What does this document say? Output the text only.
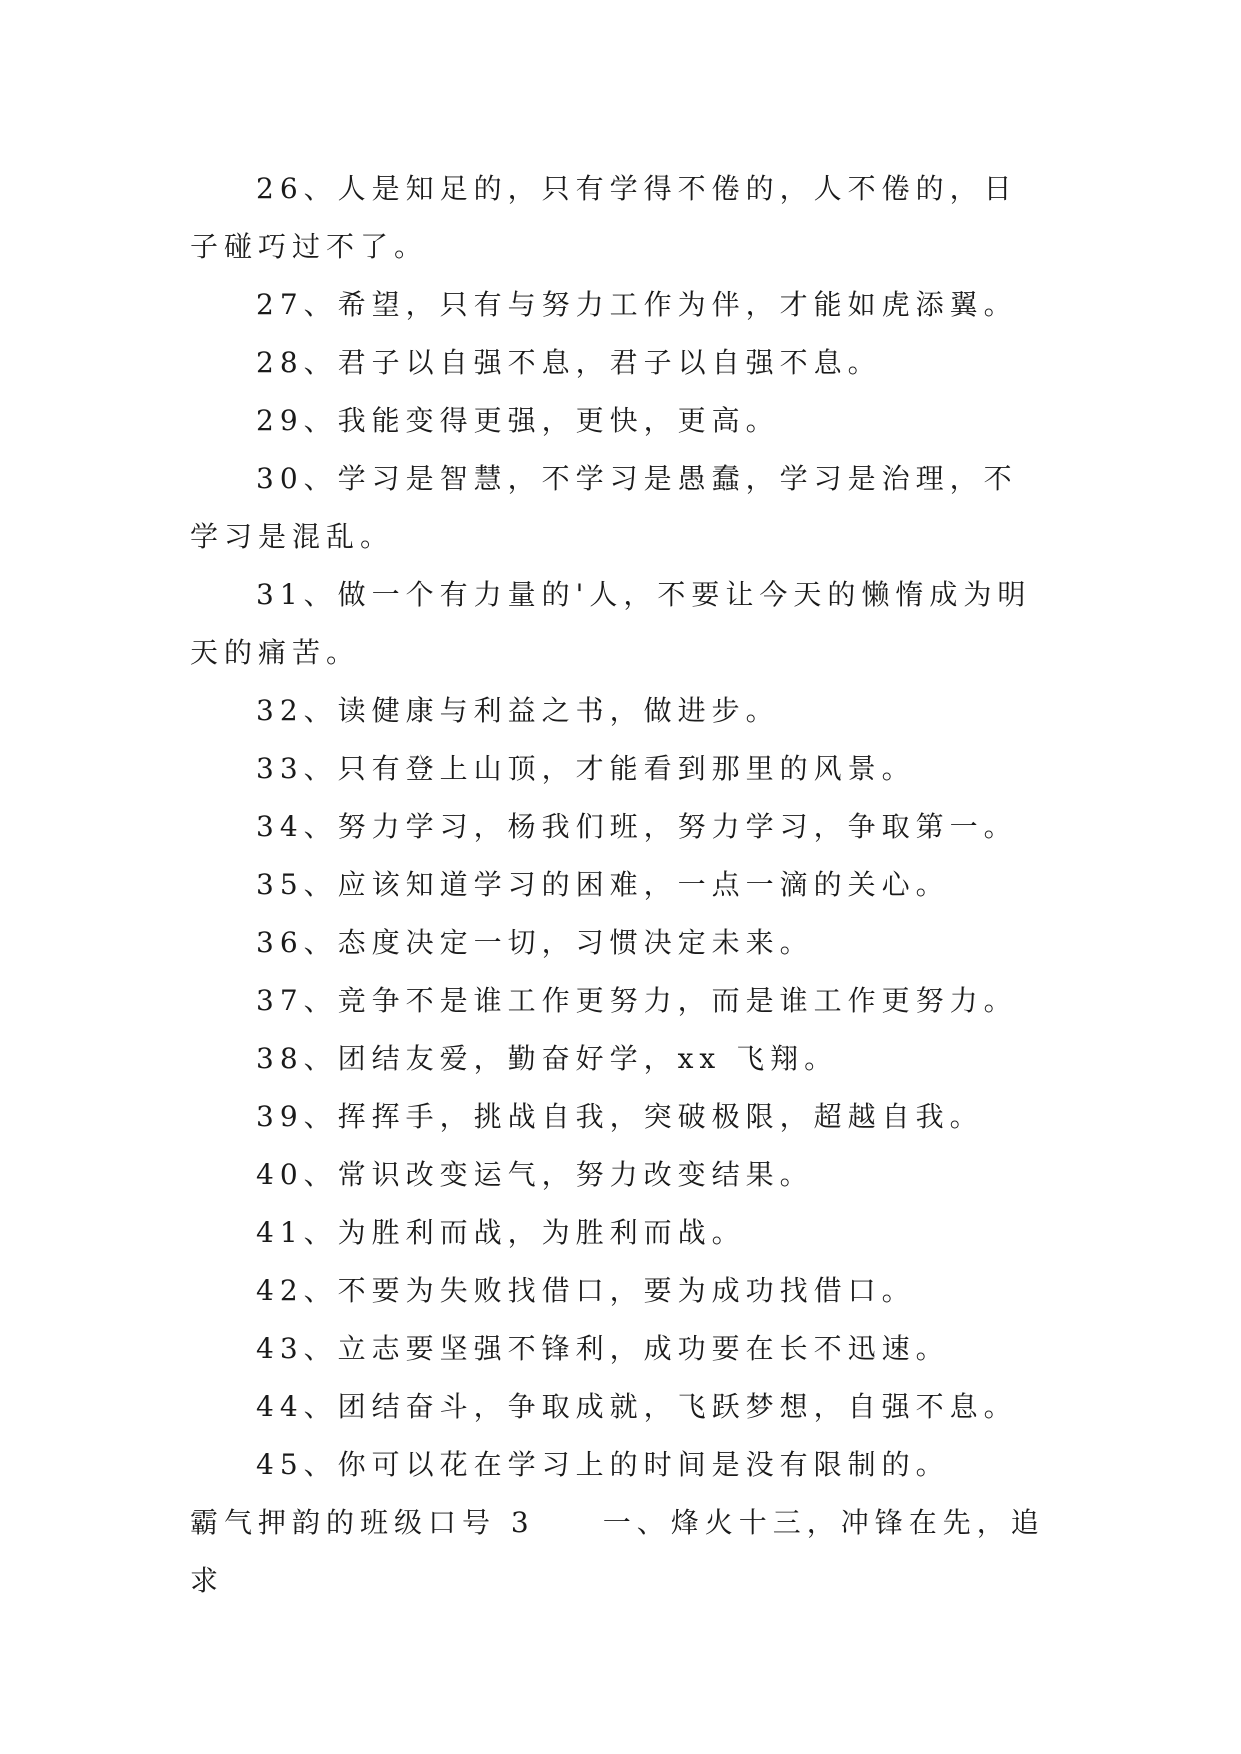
26、人是知足的，只有学得不倦的，人不倦的，日子碰巧过不了。

27、希望，只有与努力工作为伴，才能如虎添翼。

28、君子以自强不息，君子以自强不息。

29、我能变得更强，更快，更高。

30、学习是智慧，不学习是愚蠢，学习是治理，不学习是混乱。

31、做一个有力量的'人，不要让今天的懒惰成为明天的痛苦。

32、读健康与利益之书，做进步。

33、只有登上山顶，才能看到那里的风景。

34、努力学习，杨我们班，努力学习，争取第一。

35、应该知道学习的困难，一点一滴的关心。

36、态度决定一切，习惯决定未来。

37、竞争不是谁工作更努力，而是谁工作更努力。

38、团结友爱，勤奋好学，xx 飞翔。

39、挥挥手，挑战自我，突破极限，超越自我。

40、常识改变运气，努力改变结果。

41、为胜利而战，为胜利而战。

42、不要为失败找借口，要为成功找借口。

43、立志要坚强不锋利，成功要在长不迅速。

44、团结奋斗，争取成就，飞跃梦想，自强不息。

45、你可以花在学习上的时间是没有限制的。

霸气押韵的班级口号 3　　一、烽火十三，冲锋在先，追求
